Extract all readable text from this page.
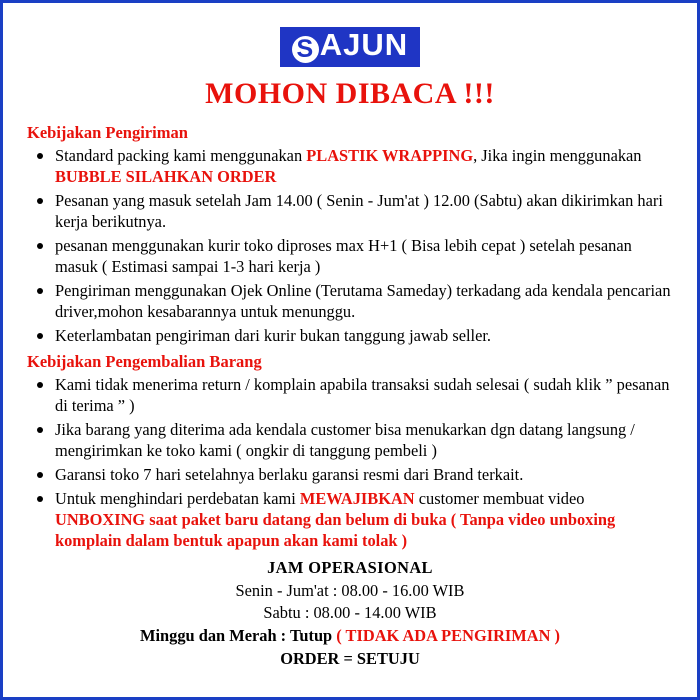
S AJUN
MOHON DIBACA !!!
Kebijakan Pengiriman
Standard packing kami menggunakan PLASTIK WRAPPING, Jika ingin menggunakan BUBBLE SILAHKAN ORDER
Pesanan yang masuk setelah Jam 14.00 ( Senin - Jum'at ) 12.00 (Sabtu) akan dikirimkan hari kerja berikutnya.
pesanan menggunakan kurir toko diproses max H+1 ( Bisa lebih cepat ) setelah pesanan masuk ( Estimasi sampai 1-3 hari kerja )
Pengiriman menggunakan Ojek Online (Terutama Sameday) terkadang ada kendala pencarian driver,mohon kesabarannya untuk menunggu.
Keterlambatan pengiriman dari kurir bukan tanggung jawab seller.
Kebijakan Pengembalian Barang
Kami tidak menerima return / komplain apabila transaksi sudah selesai ( sudah klik ” pesanan di terima ” )
Jika barang yang diterima ada kendala customer bisa menukarkan dgn datang langsung / mengirimkan ke toko kami ( ongkir di tanggung pembeli )
Garansi toko 7 hari setelahnya berlaku garansi resmi dari Brand terkait.
Untuk menghindari perdebatan kami MEWAJIBKAN customer membuat video UNBOXING saat paket baru datang dan belum di buka ( Tanpa video unboxing komplain dalam bentuk apapun akan kami tolak )
JAM OPERASIONAL
Senin - Jum'at : 08.00 - 16.00 WIB
Sabtu : 08.00 - 14.00 WIB
Minggu dan Merah : Tutup ( TIDAK ADA PENGIRIMAN )
ORDER = SETUJU
